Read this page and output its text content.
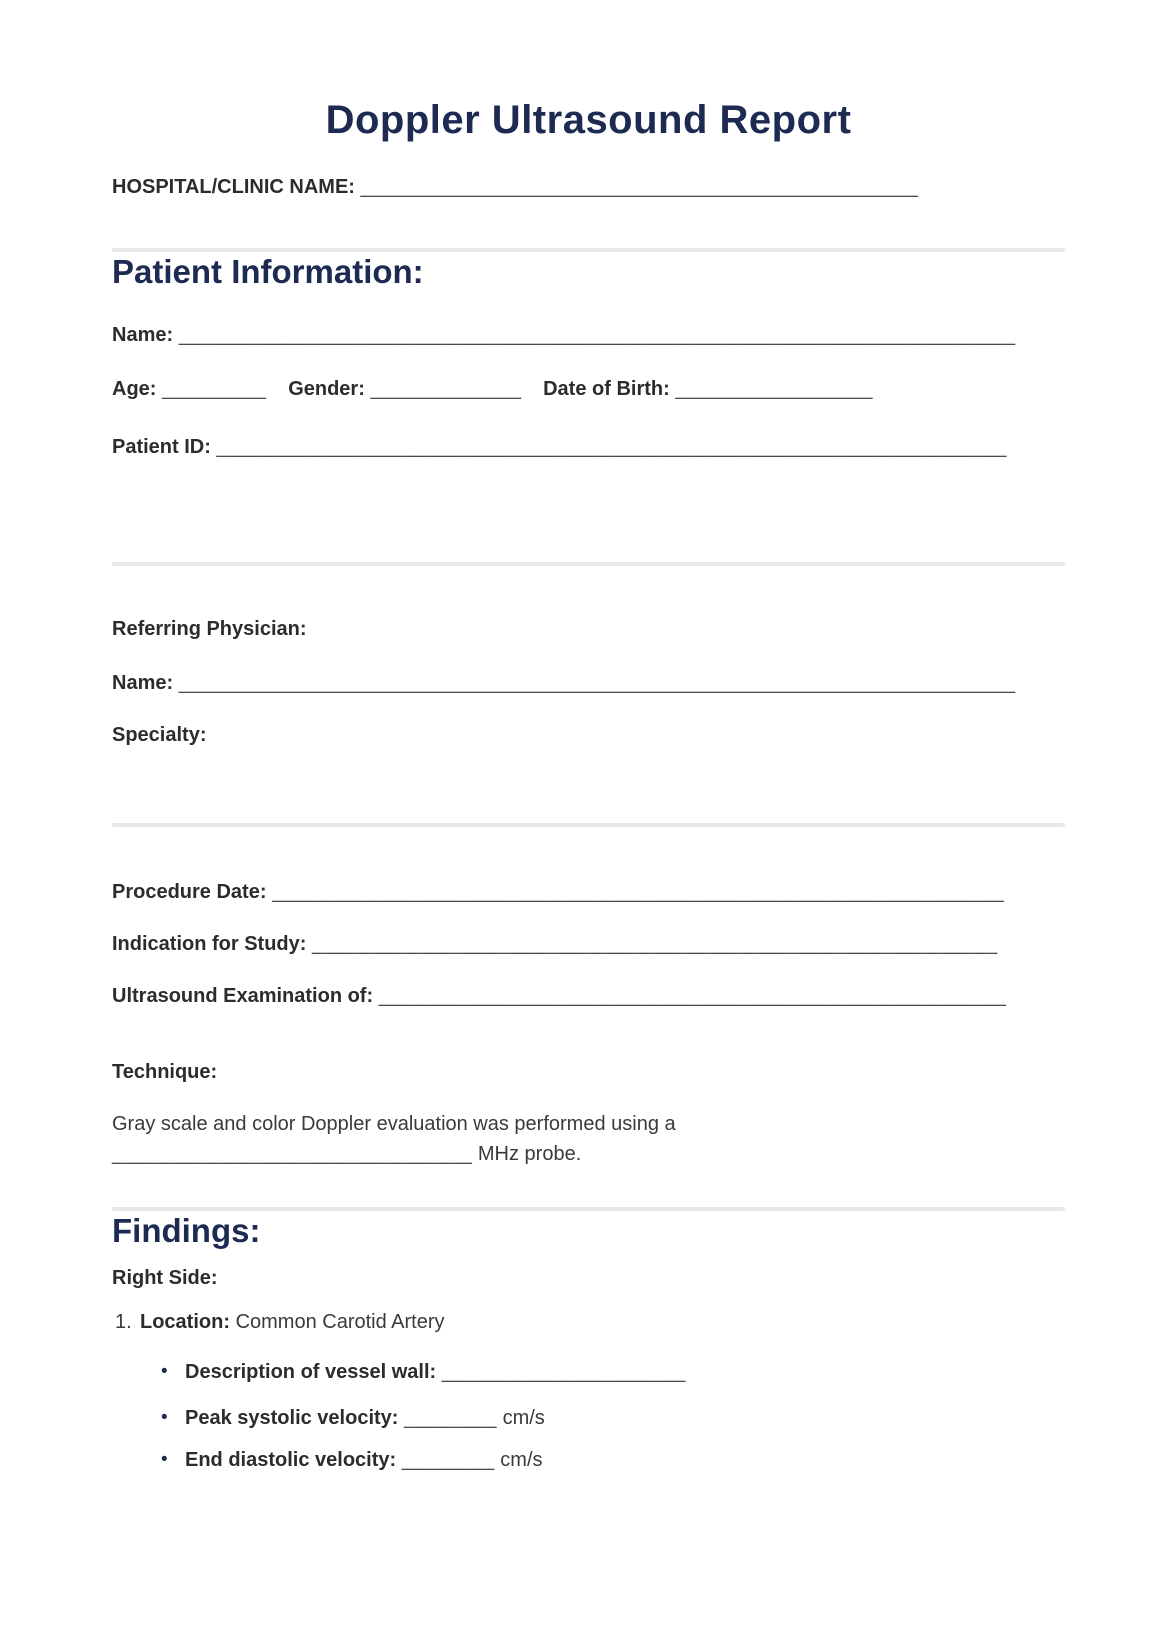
Doppler Ultrasound Report

HOSPITAL/CLINIC NAME: ________________________________________________

Patient Information:

Name: ________________________________________________________________________

Age: _________ Gender: _____________ Date of Birth: _________________

Patient ID: ____________________________________________________________________

Referring Physician:

Name: ________________________________________________________________________

Specialty:

Procedure Date: _______________________________________________________________

Indication for Study: ___________________________________________________________

Ultrasound Examination of: ______________________________________________________

Technique:

Gray scale and color Doppler evaluation was performed using a
_______________________________ MHz probe.

Findings:

Right Side:

1. Location: Common Carotid Artery
• Description of vessel wall: _____________________
• Peak systolic velocity: ________ cm/s
• End diastolic velocity: ________ cm/s
